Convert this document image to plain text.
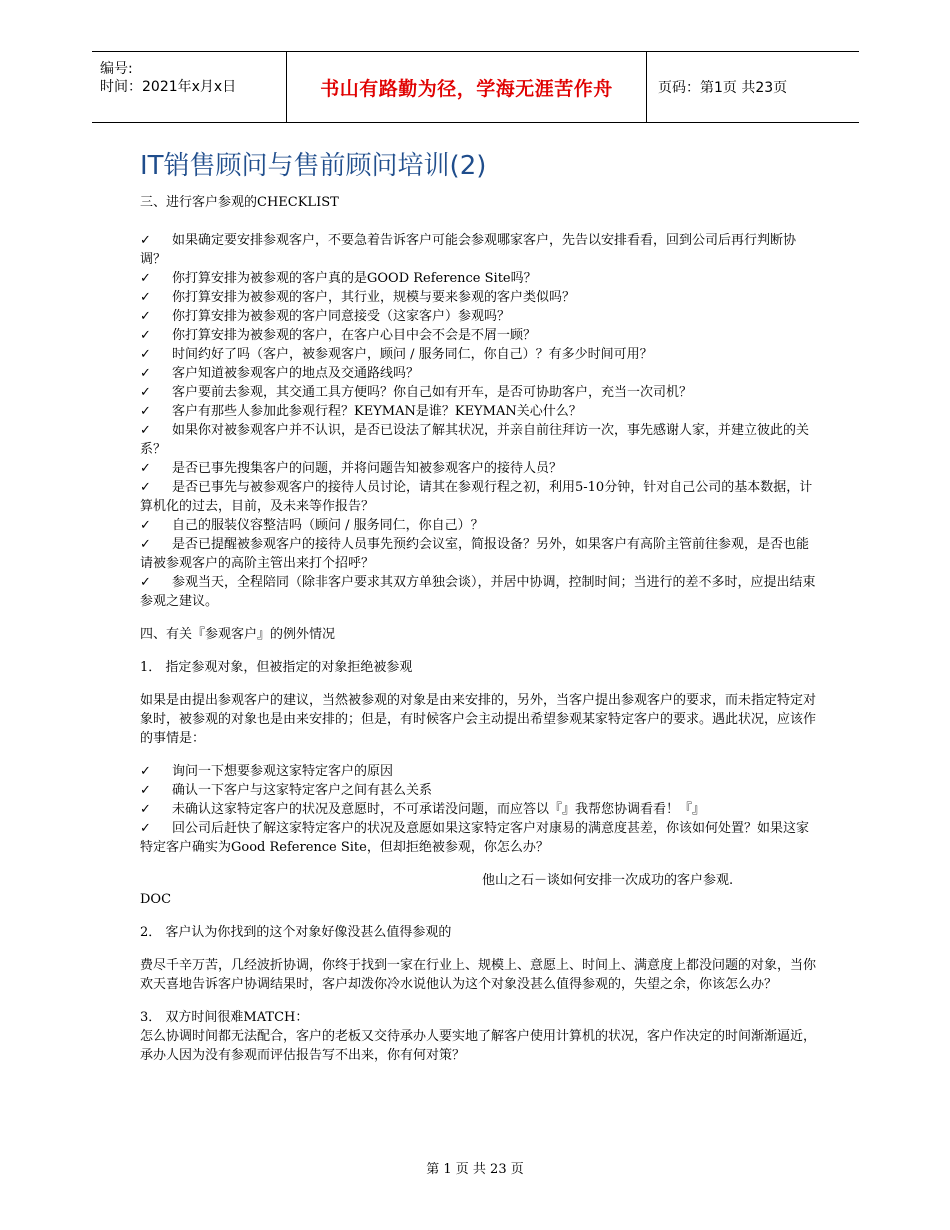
编号:
时间：2021年x月x日	书山有路勤为径，学海无涯苦作舟	页码：第1页 共23页
IT销售顾问与售前顾问培训(2)

三、进行客户参观的CHECKLIST

✓ 如果确定要安排参观客户，不要急着告诉客户可能会参观哪家客户，先告以安排看看，回到公司后再行判断协调？

✓ 你打算安排为被参观的客户真的是GOOD Reference Site吗？

✓ 你打算安排为被参观的客户，其行业，规模与要来参观的客户类似吗？

✓ 你打算安排为被参观的客户同意接受（这家客户）参观吗？

✓ 你打算安排为被参观的客户，在客户心目中会不会是不屑一顾？

✓ 时间约好了吗（客户，被参观客户，顾问 / 服务同仁，你自己）？有多少时间可用？

✓ 客户知道被参观客户的地点及交通路线吗？

✓ 客户要前去参观，其交通工具方便吗？你自己如有开车，是否可协助客户，充当一次司机？

✓ 客户有那些人参加此参观行程？KEYMAN是谁？KEYMAN关心什么？

✓ 如果你对被参观客户并不认识，是否已设法了解其状况，并亲自前往拜访一次，事先感谢人家，并建立彼此的关系？

✓ 是否已事先搜集客户的问题，并将问题告知被参观客户的接待人员？

✓ 是否已事先与被参观客户的接待人员讨论，请其在参观行程之初，利用5-10分钟，针对自己公司的基本数据，计算机化的过去，目前，及未来等作报告？

✓ 自己的服装仪容整洁吗（顾问 / 服务同仁，你自己）？

✓ 是否已提醒被参观客户的接待人员事先预约会议室，简报设备？另外，如果客户有高阶主管前往参观，是否也能请被参观客户的高阶主管出来打个招呼？

✓ 参观当天，全程陪同（除非客户要求其双方单独会谈），并居中协调，控制时间；当进行的差不多时，应提出结束参观之建议。

四、有关『参观客户』的例外情况

1． 指定参观对象，但被指定的对象拒绝被参观

如果是由提出参观客户的建议，当然被参观的对象是由来安排的，另外，当客户提出参观客户的要求，而未指定特定对象时，被参观的对象也是由来安排的；但是，有时候客户会主动提出希望参观某家特定客户的要求。遇此状况，应该作的事情是：

✓ 询问一下想要参观这家特定客户的原因

✓ 确认一下客户与这家特定客户之间有甚么关系

✓ 未确认这家特定客户的状况及意愿时，不可承诺没问题，而应答以『』我帮您协调看看！『』

✓ 回公司后赶快了解这家特定客户的状况及意愿如果这家特定客户对康易的满意度甚差，你该如何处置？如果这家特定客户确实为Good Reference Site，但却拒绝被参观，你怎么办？

他山之石－谈如何安排一次成功的客户参观.

DOC

2． 客户认为你找到的这个对象好像没甚么值得参观的

费尽千辛万苦，几经波折协调，你终于找到一家在行业上、规模上、意愿上、时间上、满意度上都没问题的对象，当你欢天喜地告诉客户协调结果时，客户却泼你冷水说他认为这个对象没甚么值得参观的，失望之余，你该怎么办？

3． 双方时间很难MATCH：

怎么协调时间都无法配合，客户的老板又交待承办人要实地了解客户使用计算机的状况，客户作决定的时间渐渐逼近，承办人因为没有参观而评估报告写不出来，你有何对策？

第 1 页 共 23 页
